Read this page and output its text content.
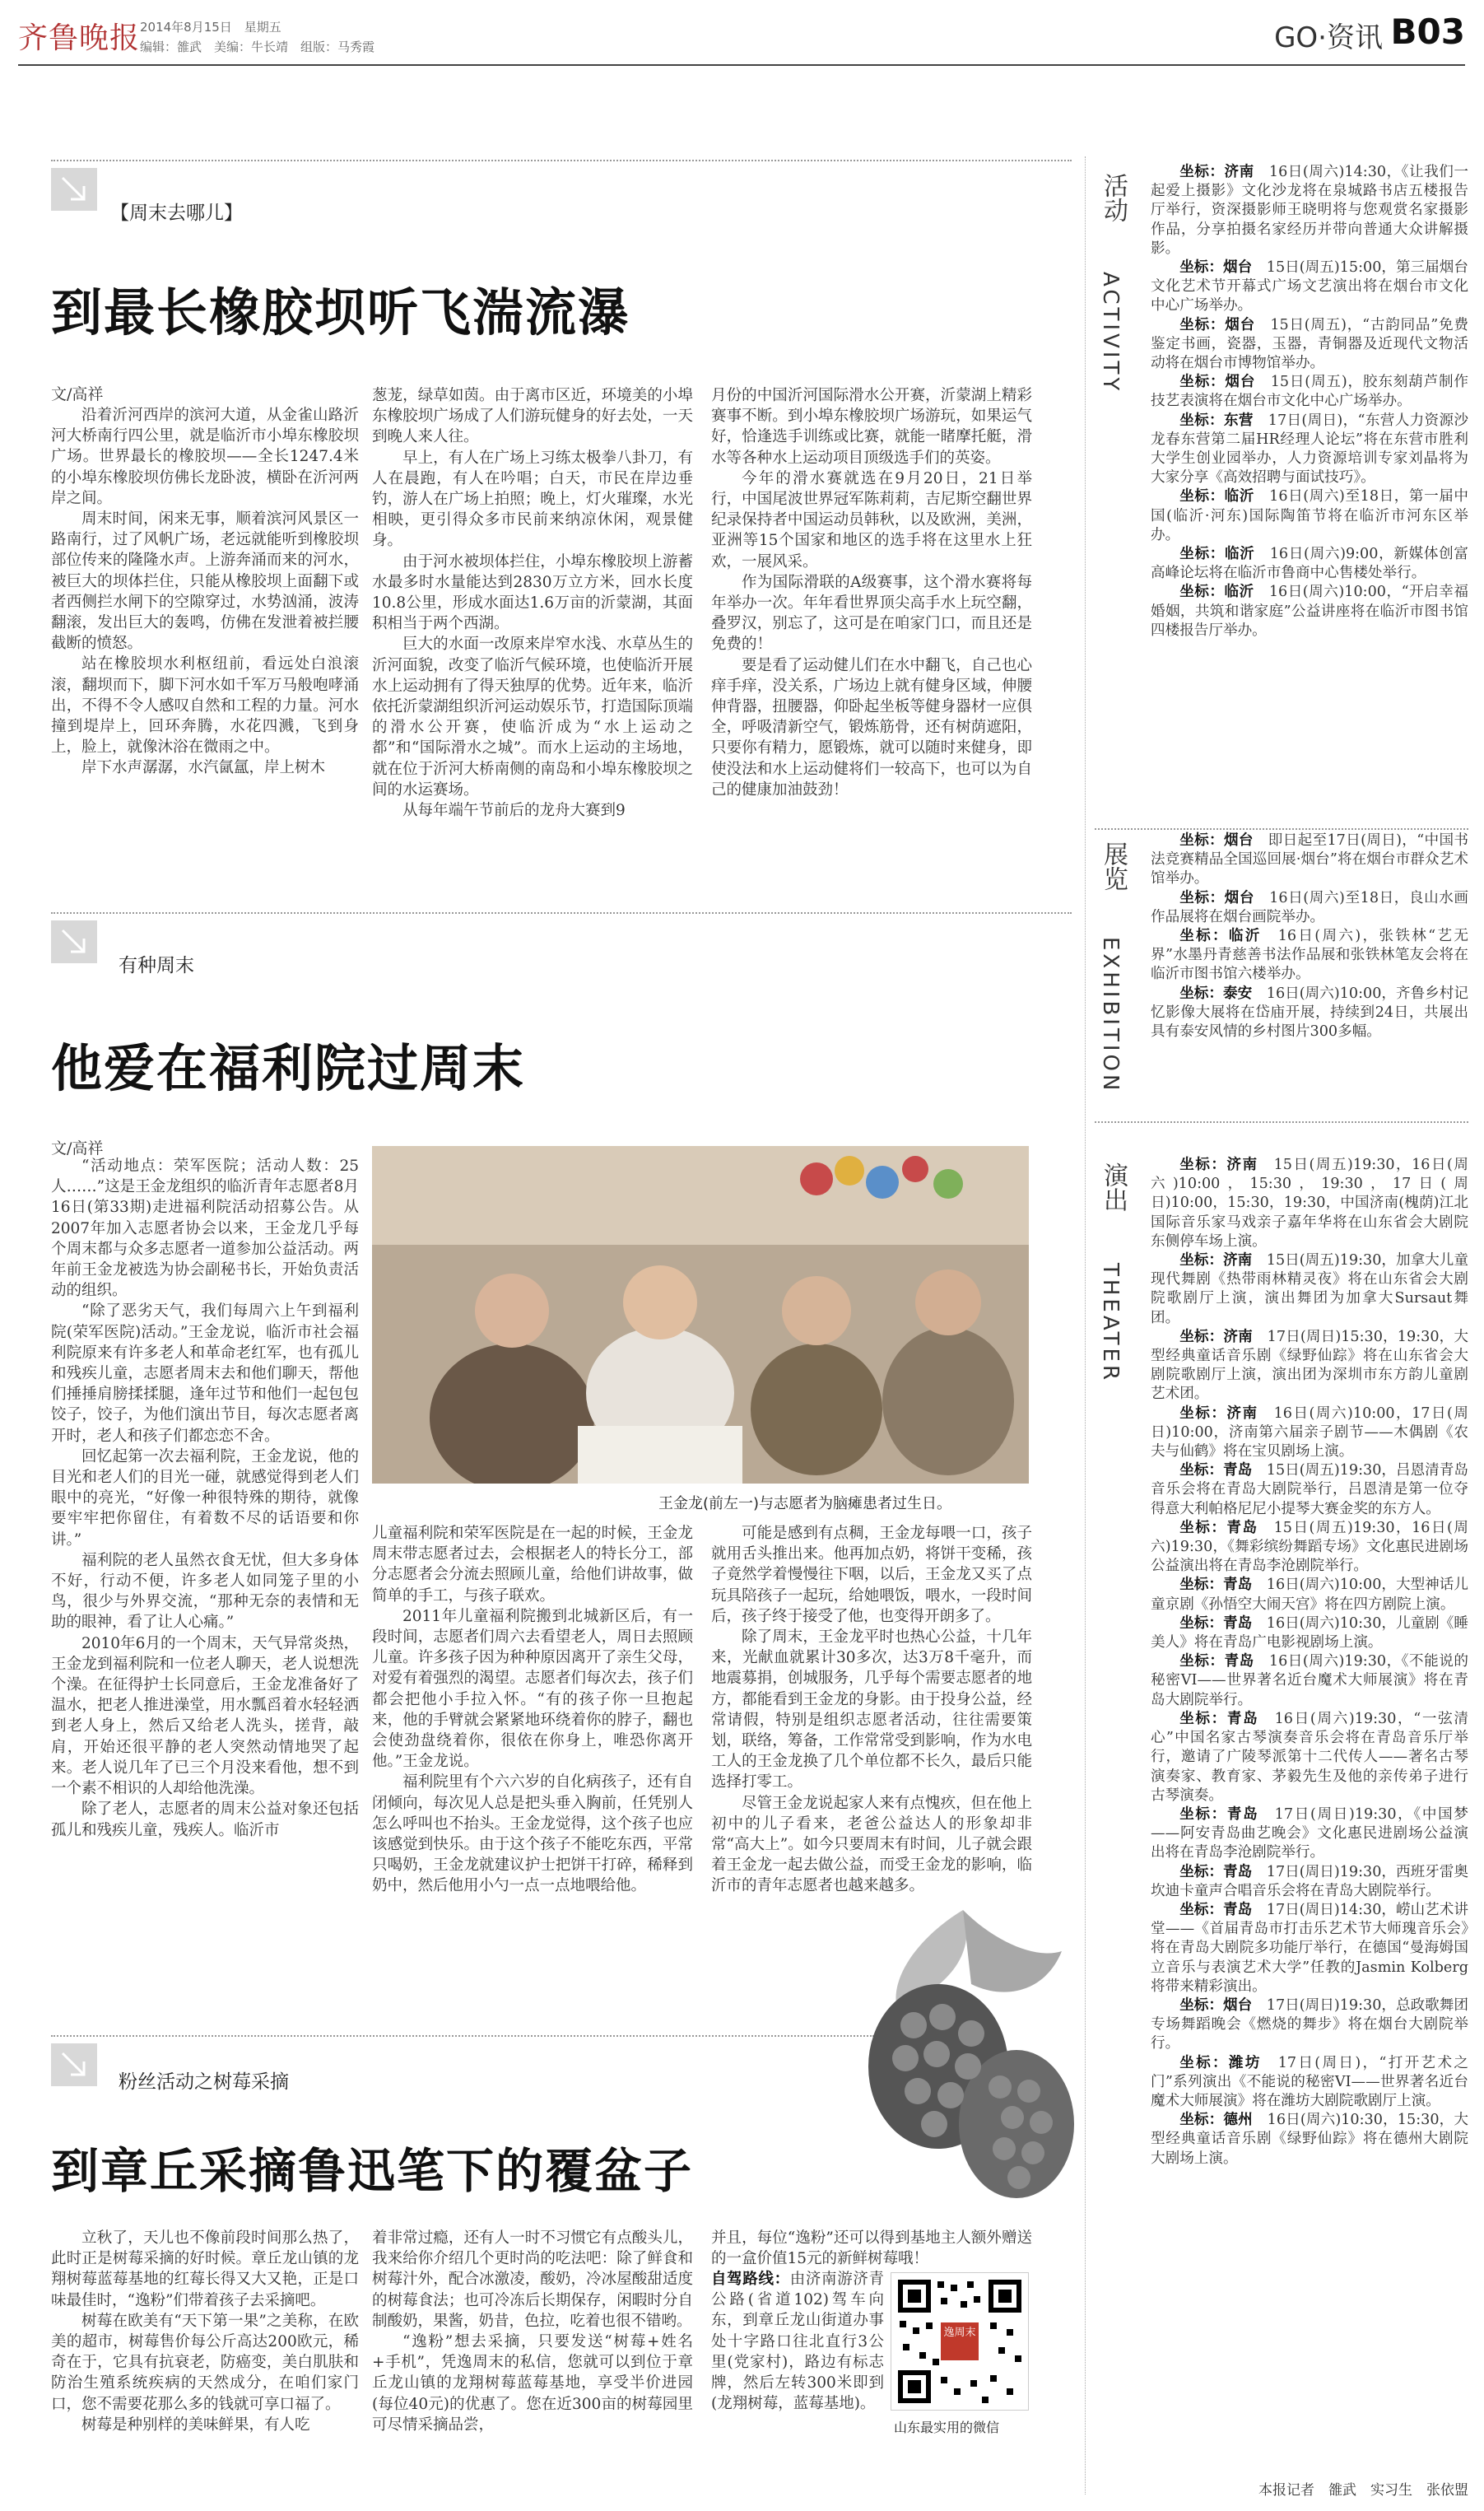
齐鲁晚报 2014年8月15日　星期五
编辑：雒武　美编：牛长靖　组版：马秀霞	GO·资讯 B03
【周末去哪儿】
到最长橡胶坝听飞湍流瀑
文/高祥

沿着沂河西岸的滨河大道，从金雀山路沂河大桥南行四公里，就是临沂市小埠东橡胶坝广场。世界最长的橡胶坝——全长1247.4米的小埠东橡胶坝仿佛长龙卧波，横卧在沂河两岸之间。

周末时间，闲来无事，顺着滨河风景区一路南行，过了风帆广场，老远就能听到橡胶坝部位传来的隆隆水声。上游奔涌而来的河水，被巨大的坝体拦住，只能从橡胶坝上面翻下或者西侧拦水闸下的空隙穿过，水势汹涌，波涛翻滚，发出巨大的轰鸣，仿佛在发泄着被拦腰截断的愤怒。

站在橡胶坝水利枢纽前，看远处白浪滚滚，翻坝而下，脚下河水如千军万马般咆哮涌出，不得不令人感叹自然和工程的力量。河水撞到堤岸上，回环奔腾，水花四溅，飞到身上，脸上，就像沐浴在微雨之中。

岸下水声潺潺，水汽氤氲，岸上树木

葱茏，绿草如茵。由于离市区近，环境美的小埠东橡胶坝广场成了人们游玩健身的好去处，一天到晚人来人往。

早上，有人在广场上习练太极拳八卦刀，有人在晨跑，有人在吟唱；白天，市民在岸边垂钓，游人在广场上拍照；晚上，灯火璀璨，水光相映，更引得众多市民前来纳凉休闲，观景健身。

由于河水被坝体拦住，小埠东橡胶坝上游蓄水最多时水量能达到2830万立方米，回水长度10.8公里，形成水面达1.6万亩的沂蒙湖，其面积相当于两个西湖。

巨大的水面一改原来岸窄水浅、水草丛生的沂河面貌，改变了临沂气候环境，也使临沂开展水上运动拥有了得天独厚的优势。近年来，临沂依托沂蒙湖组织沂河运动娱乐节，打造国际顶端的滑水公开赛，使临沂成为“水上运动之都”和“国际滑水之城”。而水上运动的主场地，就在位于沂河大桥南侧的南岛和小埠东橡胶坝之间的水运赛场。

从每年端午节前后的龙舟大赛到9

月份的中国沂河国际滑水公开赛，沂蒙湖上精彩赛事不断。到小埠东橡胶坝广场游玩，如果运气好，恰逢选手训练或比赛，就能一睹摩托艇，滑水等各种水上运动项目顶级选手们的英姿。

今年的滑水赛就选在9月20日，21日举行，中国尾波世界冠军陈莉莉，吉尼斯空翻世界纪录保持者中国运动员韩秋，以及欧洲，美洲，亚洲等15个国家和地区的选手将在这里水上狂欢，一展风采。

作为国际滑联的A级赛事，这个滑水赛将每年举办一次。年年看世界顶尖高手水上玩空翻，叠罗汉，别忘了，这可是在咱家门口，而且还是免费的！

要是看了运动健儿们在水中翻飞，自己也心痒手痒，没关系，广场边上就有健身区域，伸腰伸背器，扭腰器，仰卧起坐板等健身器材一应俱全，呼吸清新空气，锻炼筋骨，还有树荫遮阳，只要你有精力，愿锻炼，就可以随时来健身，即使没法和水上运动健将们一较高下，也可以为自己的健康加油鼓劲！

有种周末
他爱在福利院过周末
文/高祥
王金龙(前左一)与志愿者为脑瘫患者过生日。

“活动地点：荣军医院；活动人数：25人……”这是王金龙组织的临沂青年志愿者8月16日(第33期)走进福利院活动招募公告。从2007年加入志愿者协会以来，王金龙几乎每个周末都与众多志愿者一道参加公益活动。两年前王金龙被选为协会副秘书长，开始负责活动的组织。

“除了恶劣天气，我们每周六上午到福利院(荣军医院)活动。”王金龙说，临沂市社会福利院原来有许多老人和革命老红军，也有孤儿和残疾儿童，志愿者周末去和他们聊天，帮他们捶捶肩膀揉揉腿，逢年过节和他们一起包包饺子，饺子，为他们演出节目，每次志愿者离开时，老人和孩子们都恋恋不舍。

回忆起第一次去福利院，王金龙说，他的目光和老人们的目光一碰，就感觉得到老人们眼中的亮光，“好像一种很特殊的期待，就像要牢牢把你留住，有着数不尽的话语要和你讲。”

福利院的老人虽然衣食无忧，但大多身体不好，行动不便，许多老人如同笼子里的小鸟，很少与外界交流，“那种无奈的表情和无助的眼神，看了让人心痛。”

2010年6月的一个周末，天气异常炎热，王金龙到福利院和一位老人聊天，老人说想洗个澡。在征得护士长同意后，王金龙准备好了温水，把老人推进澡堂，用水瓢舀着水轻轻洒到老人身上，然后又给老人洗头，搓背，敲肩，开始还很平静的老人突然动情地哭了起来。老人说几年了已三个月没来看他，想不到一个素不相识的人却给他洗澡。

除了老人，志愿者的周末公益对象还包括孤儿和残疾儿童，残疾人。临沂市

儿童福利院和荣军医院是在一起的时候，王金龙周末带志愿者过去，会根据老人的特长分工，部分志愿者会分流去照顾儿童，给他们讲故事，做简单的手工，与孩子联欢。

2011年儿童福利院搬到北城新区后，有一段时间，志愿者们周六去看望老人，周日去照顾儿童。许多孩子因为种种原因离开了亲生父母，对爱有着强烈的渴望。志愿者们每次去，孩子们都会把他小手拉入怀。“有的孩子你一旦抱起来，他的手臂就会紧紧地环绕着你的脖子，翻也会使劲盘绕着你，很依在你身上，唯恐你离开他。”王金龙说。

福利院里有个六六岁的自化病孩子，还有自闭倾向，每次见人总是把头垂入胸前，任凭别人怎么呼叫也不抬头。王金龙觉得，这个孩子也应该感觉到快乐。由于这个孩子不能吃东西，平常只喝奶，王金龙就建议护士把饼干打碎，稀释到奶中，然后他用小勺一点一点地喂给他。

可能是感到有点稠，王金龙每喂一口，孩子就用舌头推出来。他再加点奶，将饼干变稀，孩子竟然学着慢慢往下咽，以后，王金龙又买了点玩具陪孩子一起玩，给她喂饭，喂水，一段时间后，孩子终于接受了他，也变得开朗多了。

除了周末，王金龙平时也热心公益，十几年来，光献血就累计30多次，达3万8千毫升，而地震募捐，创城服务，几乎每个需要志愿者的地方，都能看到王金龙的身影。由于投身公益，经常请假，特别是组织志愿者活动，往往需要策划，联络，筹备，工作常常受到影响，作为水电工人的王金龙换了几个单位都不长久，最后只能选择打零工。

尽管王金龙说起家人来有点愧疚，但在他上初中的儿子看来，老爸公益达人的形象却非常“高大上”。如今只要周末有时间，儿子就会跟着王金龙一起去做公益，而受王金龙的影响，临沂市的青年志愿者也越来越多。

粉丝活动之树莓采摘
到章丘采摘鲁迅笔下的覆盆子

立秋了，天儿也不像前段时间那么热了，此时正是树莓采摘的好时候。章丘龙山镇的龙翔树莓蓝莓基地的红莓长得又大又艳，正是口味最佳时，“逸粉”们带着孩子去采摘吧。

树莓在欧美有“天下第一果”之美称，在欧美的超市，树莓售价每公斤高达200欧元，稀奇在于，它具有抗衰老，防癌变，美白肌肤和防治生殖系统疾病的天然成分，在咱们家门口，您不需要花那么多的钱就可享口福了。

树莓是种别样的美味鲜果，有人吃

着非常过瘾，还有人一时不习惯它有点酸头儿，我来给你介绍几个更时尚的吃法吧：除了鲜食和树莓汁外，配合冰激凌，酸奶，冷冰屋酸甜适度的树莓食法；也可冷冻后长期保存，闲暇时分自制酸奶，果酱，奶昔，色拉，吃着也很不错哟。

“逸粉”想去采摘，只要发送“树莓+姓名+手机”，凭逸周末的私信，您就可以到位于章丘龙山镇的龙翔树莓蓝莓基地，享受半价进园(每位40元)的优惠了。您在近300亩的树莓园里可尽情采摘品尝，

并且，每位“逸粉”还可以得到基地主人额外赠送的一盒价值15元的新鲜树莓哦！

自驾路线：由济南游济青公路(省道102)驾车向东，到章丘龙山街道办事处十字路口往北直行3公里(党家村)，路边有标志牌，然后左转300米即到(龙翔树莓，蓝莓基地)。
逸周末
山东最实用的微信
活动
ACTIVITY

坐标：济南　 16日(周六)14:30，《让我们一起爱上摄影》文化沙龙将在泉城路书店五楼报告厅举行，资深摄影师王晓明将与您观赏名家摄影作品，分享拍摄名家经历并带向普通大众讲解摄影。

坐标：烟台　 15日(周五)15:00，第三届烟台文化艺术节开幕式广场文艺演出将在烟台市文化中心广场举办。

坐标：烟台　 15日(周五)，“古韵同品”免费鉴定书画，瓷器，玉器，青铜器及近现代文物活动将在烟台市博物馆举办。

坐标：烟台　 15日(周五)，胶东刻葫芦制作技艺表演将在烟台市文化中心广场举办。

坐标：东营　 17日(周日)，“东营人力资源沙龙春东营第二届HR经理人论坛”将在东营市胜利大学生创业园举办，人力资源培训专家刘晶将为大家分享《高效招聘与面试技巧》。

坐标：临沂　 16日(周六)至18日，第一届中国(临沂·河东)国际陶笛节将在临沂市河东区举办。

坐标：临沂　 16日(周六)9:00，新媒体创富高峰论坛将在临沂市鲁商中心售楼处举行。

坐标：临沂　 16日(周六)10:00，“开启幸福婚姻，共筑和谐家庭”公益讲座将在临沂市图书馆四楼报告厅举办。

展览
EXHIBITION

坐标：烟台　 即日起至17日(周日)，“中国书法竞赛精品全国巡回展·烟台”将在烟台市群众艺术馆举办。

坐标：烟台　 16日(周六)至18日，良山水画作品展将在烟台画院举办。

坐标：临沂　 16日(周六)，张铁林“艺无界”水墨丹青慈善书法作品展和张铁林笔友会将在临沂市图书馆六楼举办。

坐标：泰安　 16日(周六)10:00，齐鲁乡村记忆影像大展将在岱庙开展，持续到24日，共展出具有泰安风情的乡村图片300多幅。

演出
THEATER

坐标：济南　 15日(周五)19:30，16日(周六)10:00，15:30，19:30，17日(周日)10:00，15:30，19:30，中国济南(槐荫)江北国际音乐家马戏亲子嘉年华将在山东省会大剧院东侧停车场上演。

坐标：济南　 15日(周五)19:30，加拿大儿童现代舞剧《热带雨林精灵夜》将在山东省会大剧院歌剧厅上演，演出舞团为加拿大Sursaut舞团。

坐标：济南　 17日(周日)15:30，19:30，大型经典童话音乐剧《绿野仙踪》将在山东省会大剧院歌剧厅上演，演出团为深圳市东方韵儿童剧艺术团。

坐标：济南　 16日(周六)10:00，17日(周日)10:00，济南第六届亲子剧节——木偶剧《农夫与仙鹤》将在宝贝剧场上演。

坐标：青岛　 15日(周五)19:30，吕恩清青岛音乐会将在青岛大剧院举行，吕恩清是第一位夺得意大利帕格尼尼小提琴大赛金奖的东方人。

坐标：青岛　 15日(周五)19:30，16日(周六)19:30，《舞彩缤纷舞蹈专场》文化惠民进剧场公益演出将在青岛李沧剧院举行。

坐标：青岛　 16日(周六)10:00，大型神话儿童京剧《孙悟空大闹天宫》将在四方剧院上演。

坐标：青岛　 16日(周六)10:30，儿童剧《睡美人》将在青岛广电影视剧场上演。

坐标：青岛　 16日(周六)19:30，《不能说的秘密VI——世界著名近台魔术大师展演》将在青岛大剧院举行。

坐标：青岛　 16日(周六)19:30，“一弦清心”中国名家古琴演奏音乐会将在青岛音乐厅举行，邀请了广陵琴派第十二代传人——著名古琴演奏家、教育家、茅毅先生及他的亲传弟子进行古琴演奏。

坐标：青岛　 17日(周日)19:30，《中国梦——阿安青岛曲艺晚会》文化惠民进剧场公益演出将在青岛李沧剧院举行。

坐标：青岛　 17日(周日)19:30，西班牙雷奥坎迪卡童声合唱音乐会将在青岛大剧院举行。

坐标：青岛　 17日(周日)14:30，崂山艺术讲堂——《首届青岛市打击乐艺术节大师瑰音乐会》将在青岛大剧院多功能厅举行，在德国“曼海姆国立音乐与表演艺术大学”任教的Jasmin Kolberg将带来精彩演出。

坐标：烟台　 17日(周日)19:30，总政歌舞团专场舞蹈晚会《燃烧的舞步》将在烟台大剧院举行。

坐标：潍坊　 17日(周日)，“打开艺术之门”系列演出《不能说的秘密VI——世界著名近台魔术大师展演》将在潍坊大剧院歌剧厅上演。

坐标：德州　 16日(周六)10:30，15:30，大型经典童话音乐剧《绿野仙踪》将在德州大剧院大剧场上演。

本报记者　雒武　实习生　张依盟
